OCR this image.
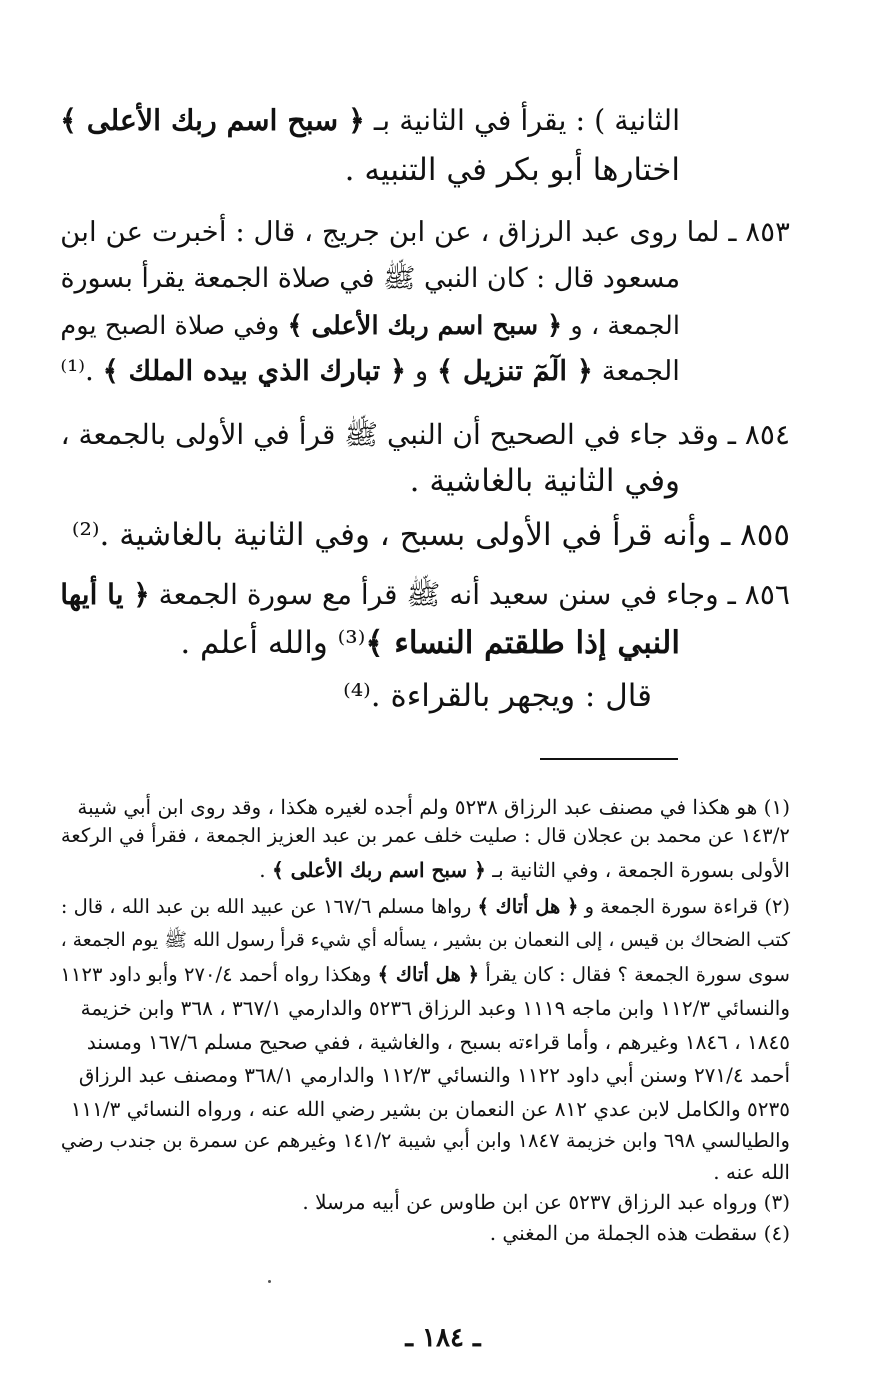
الثانية ) : يقرأ في الثانية بـ ﴿ سبح اسم ربك الأعلى ﴾
اختارها أبو بكر في التنبيه .
٨٥٣ ـ لما روى عبد الرزاق ، عن ابن جريج ، قال : أخبرت عن ابن
مسعود قال : كان النبي ﷺ في صلاة الجمعة يقرأ بسورة
الجمعة ، و ﴿ سبح اسم ربك الأعلى ﴾ وفي صلاة الصبح يوم
الجمعة ﴿ الٓمٓ تنزيل ﴾ و ﴿ تبارك الذي بيده الملك ﴾ .⁽¹⁾
٨٥٤ ـ وقد جاء في الصحيح أن النبي ﷺ قرأ في الأولى بالجمعة ،
وفي الثانية بالغاشية .
٨٥٥ ـ وأنه قرأ في الأولى بسبح ، وفي الثانية بالغاشية .⁽²⁾
٨٥٦ ـ وجاء في سنن سعيد أنه ﷺ قرأ مع سورة الجمعة ﴿ يا أيها
النبي إذا طلقتم النساء ﴾⁽³⁾ والله أعلم .
قال : ويجهر بالقراءة .⁽⁴⁾
(١) هو هكذا في مصنف عبد الرزاق ٥٢٣٨ ولم أجده لغيره هكذا ، وقد روى ابن أبي شيبة
١٤٣/٢ عن محمد بن عجلان قال : صليت خلف عمر بن عبد العزيز الجمعة ، فقرأ في الركعة
الأولى بسورة الجمعة ، وفي الثانية بـ ﴿ سبح اسم ربك الأعلى ﴾ .
(٢) قراءة سورة الجمعة و ﴿ هل أتاك ﴾ رواها مسلم ١٦٧/٦ عن عبيد الله بن عبد الله ، قال :
كتب الضحاك بن قيس ، إلى النعمان بن بشير ، يسأله أي شيء قرأ رسول الله ﷺ يوم الجمعة ،
سوى سورة الجمعة ؟ فقال : كان يقرأ ﴿ هل أتاك ﴾ وهكذا رواه أحمد ٢٧٠/٤ وأبو داود ١١٢٣
والنسائي ١١٢/٣ وابن ماجه ١١١٩ وعبد الرزاق ٥٢٣٦ والدارمي ٣٦٧/١ ، ٣٦٨ وابن خزيمة
١٨٤٥ ، ١٨٤٦ وغيرهم ، وأما قراءته بسبح ، والغاشية ، ففي صحيح مسلم ١٦٧/٦ ومسند
أحمد ٢٧١/٤ وسنن أبي داود ١١٢٢ والنسائي ١١٢/٣ والدارمي ٣٦٨/١ ومصنف عبد الرزاق
٥٢٣٥ والكامل لابن عدي ٨١٢ عن النعمان بن بشير رضي الله عنه ، ورواه النسائي ١١١/٣
والطيالسي ٦٩٨ وابن خزيمة ١٨٤٧ وابن أبي شيبة ١٤١/٢ وغيرهم عن سمرة بن جندب رضي
الله عنه .
(٣) ورواه عبد الرزاق ٥٢٣٧ عن ابن طاوس عن أبيه مرسلا .
(٤) سقطت هذه الجملة من المغني .
ـ ١٨٤ ـ
